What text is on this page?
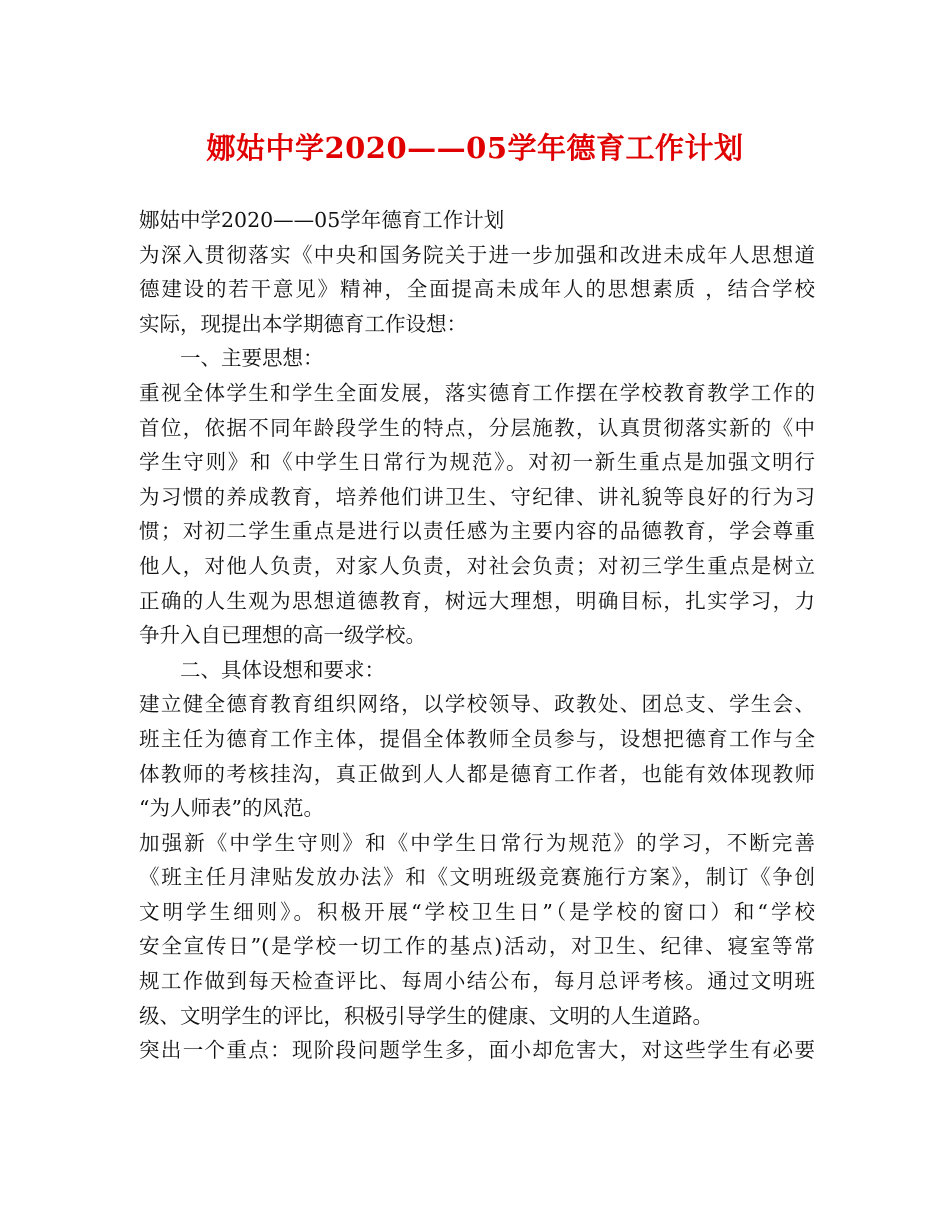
娜姑中学2020——05学年德育工作计划
娜姑中学2020——05学年德育工作计划
为深入贯彻落实《中央和国务院关于进一步加强和改进未成年人思想道
德建设的若干意见》精神，全面提高未成年人的思想素质 ，结合学校
实际，现提出本学期德育工作设想：
一、主要思想：
重视全体学生和学生全面发展，落实德育工作摆在学校教育教学工作的
首位，依据不同年龄段学生的特点，分层施教，认真贯彻落实新的《中
学生守则》和《中学生日常行为规范》。对初一新生重点是加强文明行
为习惯的养成教育，培养他们讲卫生、守纪律、讲礼貌等良好的行为习
惯；对初二学生重点是进行以责任感为主要内容的品德教育，学会尊重
他人，对他人负责，对家人负责，对社会负责；对初三学生重点是树立
正确的人生观为思想道德教育，树远大理想，明确目标，扎实学习，力
争升入自已理想的高一级学校。
二、具体设想和要求：
建立健全德育教育组织网络，以学校领导、政教处、团总支、学生会、
班主任为德育工作主体，提倡全体教师全员参与，设想把德育工作与全
体教师的考核挂沟，真正做到人人都是德育工作者，也能有效体现教师
“为人师表”的风范。
加强新《中学生守则》和《中学生日常行为规范》的学习，不断完善
《班主任月津贴发放办法》和《文明班级竞赛施行方案》，制订《争创
文明学生细则》。积极开展“学校卫生日”（是学校的窗口）和“学校
安全宣传日”(是学校一切工作的基点)活动，对卫生、纪律、寝室等常
规工作做到每天检查评比、每周小结公布，每月总评考核。通过文明班
级、文明学生的评比，积极引导学生的健康、文明的人生道路。
突出一个重点：现阶段问题学生多，面小却危害大，对这些学生有必要
